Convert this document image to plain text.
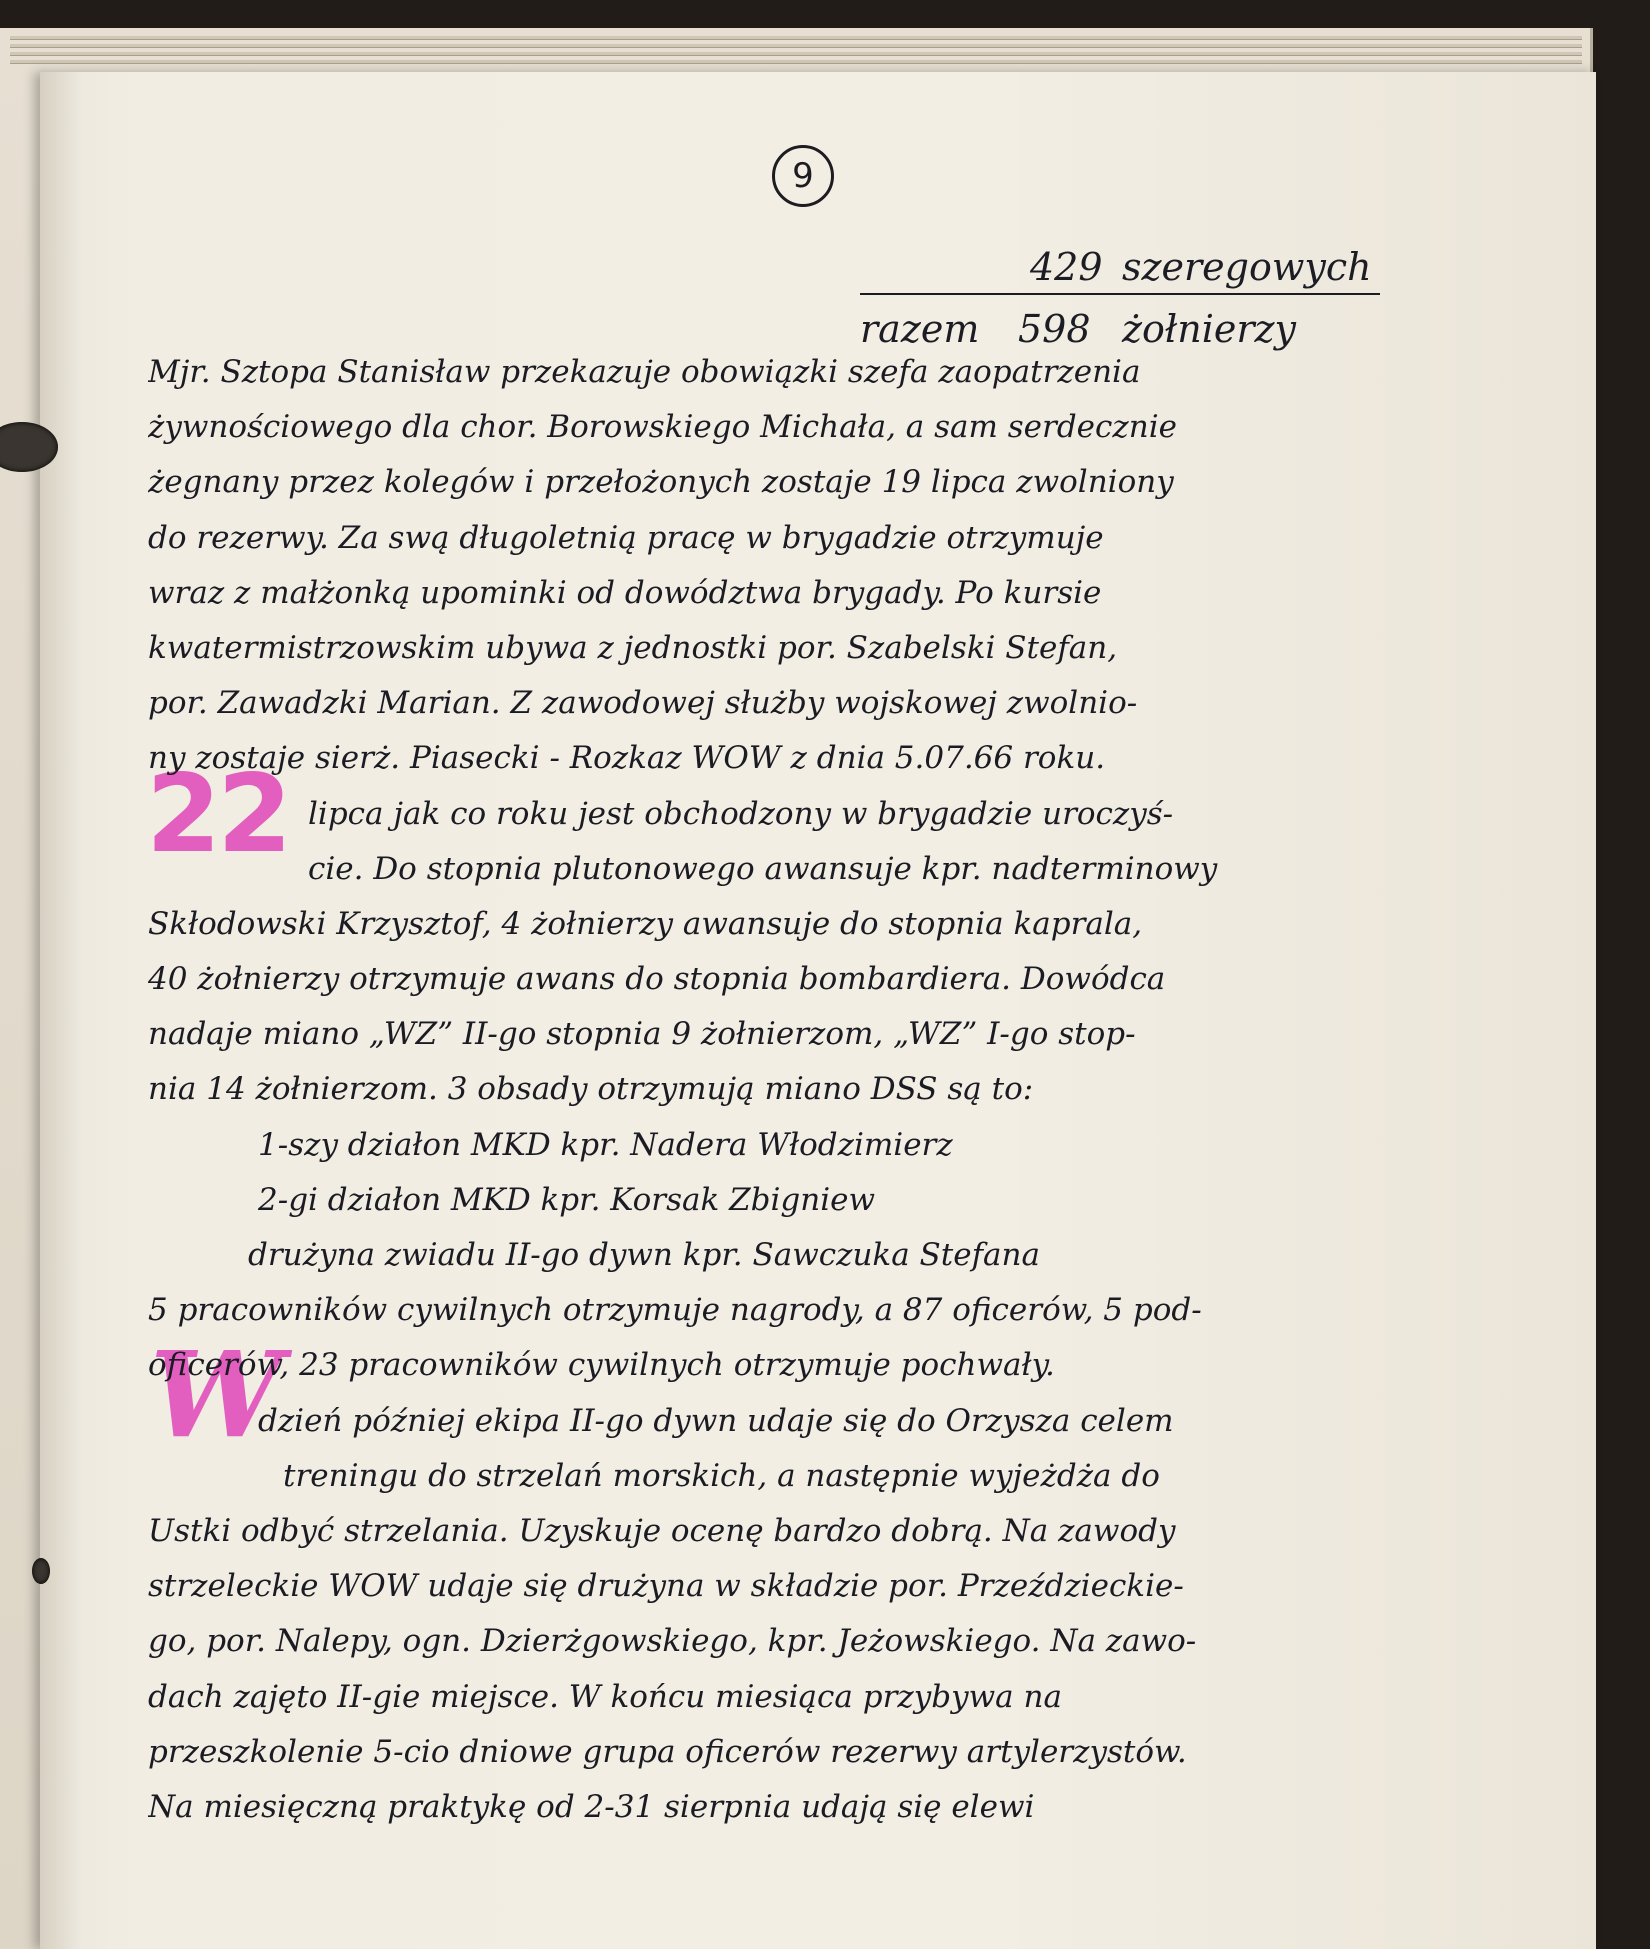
9
429 szeregowych
razem 598 żołnierzy
22
W
Mjr. Sztopa Stanisław przekazuje obowiązki szefa zaopatrzenia
żywnościowego dla chor. Borowskiego Michała, a sam serdecznie
żegnany przez kolegów i przełożonych zostaje 19 lipca zwolniony
do rezerwy. Za swą długoletnią pracę w brygadzie otrzymuje
wraz z małżonką upominki od dowództwa brygady. Po kursie
kwatermistrzowskim ubywa z jednostki por. Szabelski Stefan,
por. Zawadzki Marian. Z zawodowej służby wojskowej zwolnio-
ny zostaje sierż. Piasecki - Rozkaz WOW z dnia 5.07.66 roku.
lipca jak co roku jest obchodzony w brygadzie uroczyś-
cie. Do stopnia plutonowego awansuje kpr. nadterminowy
Skłodowski Krzysztof, 4 żołnierzy awansuje do stopnia kaprala,
40 żołnierzy otrzymuje awans do stopnia bombardiera. Dowódca
nadaje miano „WZ” II-go stopnia 9 żołnierzom, „WZ” I-go stop-
nia 14 żołnierzom. 3 obsady otrzymują miano DSS są to:
1-szy działon MKD kpr. Nadera Włodzimierz
2-gi działon MKD kpr. Korsak Zbigniew
drużyna zwiadu II-go dywn kpr. Sawczuka Stefana
5 pracowników cywilnych otrzymuje nagrody, a 87 oficerów, 5 pod-
oficerów, 23 pracowników cywilnych otrzymuje pochwały.
dzień później ekipa II-go dywn udaje się do Orzysza celem
treningu do strzelań morskich, a następnie wyjeżdża do
Ustki odbyć strzelania. Uzyskuje ocenę bardzo dobrą. Na zawody
strzeleckie WOW udaje się drużyna w składzie por. Przeździeckie-
go, por. Nalepy, ogn. Dzierżgowskiego, kpr. Jeżowskiego. Na zawo-
dach zajęto II-gie miejsce. W końcu miesiąca przybywa na
przeszkolenie 5-cio dniowe grupa oficerów rezerwy artylerzystów.
Na miesięczną praktykę od 2-31 sierpnia udają się elewi
